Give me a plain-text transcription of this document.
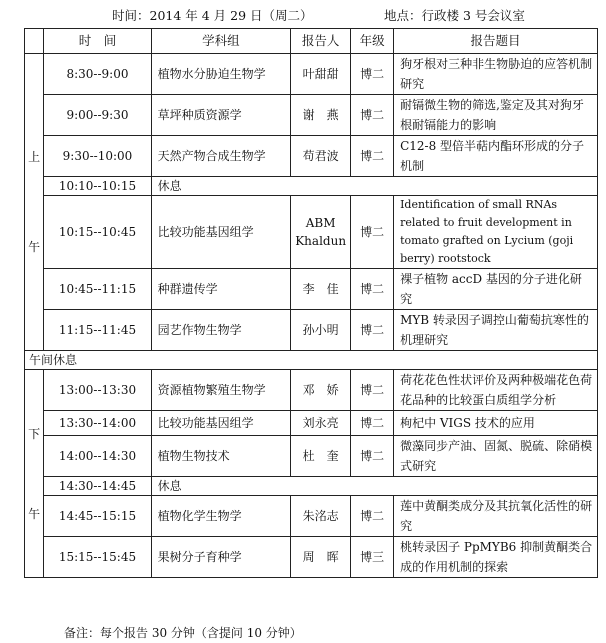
时间：2014 年 4 月 29 日（周二）	地点：行政楼 3 号会议室
	时　间	学科组	报告人	年级	报告题目

上
午	8:30--9:00	植物水分胁迫生物学	叶甜甜	博二	狗牙根对三种非生物胁迫的应答机制研究
	9:00--9:30	草坪种质资源学	谢　燕	博二	耐镉微生物的筛选,鉴定及其对狗牙根耐镉能力的影响
	9:30--10:00	天然产物合成生物学	苟君波	博二	C12-8 型倍半萜内酯环形成的分子机制
	10:10--10:15	休息			
	10:15--10:45	比较功能基因组学	ABM Khaldun	博二	Identification of small RNAs related to fruit development in tomato grafted on Lycium (goji berry) rootstock
	10:45--11:15	种群遗传学	李　佳	博二	裸子植物 accD 基因的分子进化研究
	11:15--11:45	园艺作物生物学	孙小明	博二	MYB 转录因子调控山葡萄抗寒性的机理研究
午间休息					

下
午	13:00--13:30	资源植物繁殖生物学	邓　娇	博二	荷花花色性状评价及两种极端花色荷花品种的比较蛋白质组学分析
	13:30--14:00	比较功能基因组学	刘永亮	博二	枸杞中 VIGS 技术的应用
	14:00--14:30	植物生物技术	杜　奎	博二	微藻同步产油、固氮、脱硫、除硝模式研究
	14:30--14:45	休息			
	14:45--15:15	植物化学生物学	朱洺志	博二	莲中黄酮类成分及其抗氧化活性的研究
	15:15--15:45	果树分子育种学	周　晖	博三	桃转录因子 PpMYB6 抑制黄酮类合成的作用机制的探索
备注：每个报告 30 分钟（含提问 10 分钟）
